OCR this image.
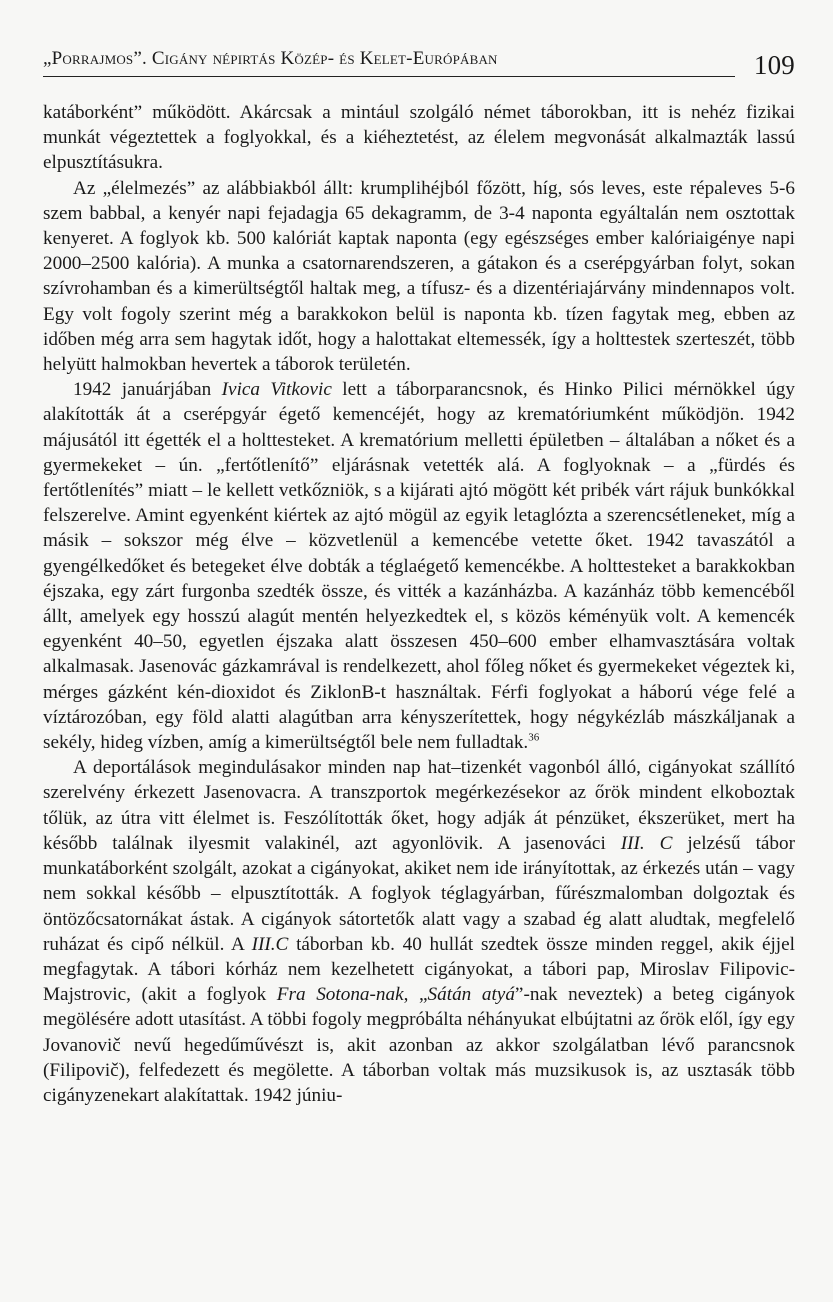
„Porrajmos”. Cigány népirtás Közép- és Kelet-Európában	109

katáborként” működött. Akárcsak a mintául szolgáló német táborokban, itt is nehéz fizikai munkát végeztettek a foglyokkal, és a kiéheztetést, az élelem megvonását alkalmazták lassú elpusztításukra.

Az „élelmezés” az alábbiakból állt: krumplihéjból főzött, híg, sós leves, este répaleves 5-6 szem babbal, a kenyér napi fejadagja 65 dekagramm, de 3-4 naponta egyáltalán nem osztottak kenyeret. A foglyok kb. 500 kalóriát kaptak naponta (egy egészséges ember kalóriaigénye napi 2000–2500 kalória). A munka a csatornarendszeren, a gátakon és a cserépgyárban folyt, sokan szívrohamban és a kimerültségtől haltak meg, a tífusz- és a dizentériajárvány mindennapos volt. Egy volt fogoly szerint még a barakkokon belül is naponta kb. tízen fagytak meg, ebben az időben még arra sem hagytak időt, hogy a halottakat eltemessék, így a holttestek szerteszét, több helyütt halmokban hevertek a táborok területén.

1942 januárjában Ivica Vitkovic lett a táborparancsnok, és Hinko Pilici mérnökkel úgy alakították át a cserépgyár égető kemencéjét, hogy az krematóriumként működjön. 1942 májusától itt égették el a holttesteket. A krematórium melletti épületben – általában a nőket és a gyermekeket – ún. „fertőtlenítő” eljárásnak vetették alá. A foglyoknak – a „fürdés és fertőtlenítés” miatt – le kellett vetkőzniök, s a kijárati ajtó mögött két pribék várt rájuk bunkókkal felszerelve. Amint egyenként kiértek az ajtó mögül az egyik letaglózta a szerencsétleneket, míg a másik – sokszor még élve – közvetlenül a kemencébe vetette őket. 1942 tavaszától a gyengélkedőket és betegeket élve dobták a téglaégető kemencékbe. A holttesteket a barakkokban éjszaka, egy zárt furgonba szedték össze, és vitték a kazánházba. A kazánház több kemencéből állt, amelyek egy hosszú alagút mentén helyezkedtek el, s közös kéményük volt. A kemencék egyenként 40–50, egyetlen éjszaka alatt összesen 450–600 ember elhamvasztására voltak alkalmasak. Jasenovác gázkamrával is rendelkezett, ahol főleg nőket és gyermekeket végeztek ki, mérges gázként kén-dioxidot és ZiklonB-t használtak. Férfi foglyokat a háború vége felé a víztározóban, egy föld alatti alagútban arra kényszerítettek, hogy négykézláb mászkáljanak a sekély, hideg vízben, amíg a kimerültségtől bele nem fulladtak.$^{36}$

A deportálások megindulásakor minden nap hat–tizenkét vagonból álló, cigányokat szállító szerelvény érkezett Jasenovacra. A transzportok megérkezésekor az őrök mindent elkoboztak tőlük, az útra vitt élelmet is. Feszólították őket, hogy adják át pénzüket, ékszerüket, mert ha később találnak ilyesmit valakinél, azt agyonlövik. A jasenováci III. C jelzésű tábor munkatáborként szolgált, azokat a cigányokat, akiket nem ide irányítottak, az érkezés után – vagy nem sokkal később – elpusztították. A foglyok téglagyárban, fűrészmalomban dolgoztak és öntözőcsatornákat ástak. A cigányok sátortetők alatt vagy a szabad ég alatt aludtak, megfelelő ruházat és cipő nélkül. A III.C táborban kb. 40 hullát szedtek össze minden reggel, akik éjjel megfagytak. A tábori kórház nem kezelhetett cigányokat, a tábori pap, Miroslav Filipovic-Majstrovic, (akit a foglyok Fra Sotona-nak, „Sátán atyá”-nak neveztek) a beteg cigányok megölésére adott utasítást. A többi fogoly megpróbálta néhányukat elbújtatni az őrök elől, így egy Jovanovič nevű hegedűművészt is, akit azonban az akkor szolgálatban lévő parancsnok (Filipovič), felfedezett és megölette. A táborban voltak más muzsikusok is, az usztasák több cigányzenekart alakítattak. 1942 júniu-
